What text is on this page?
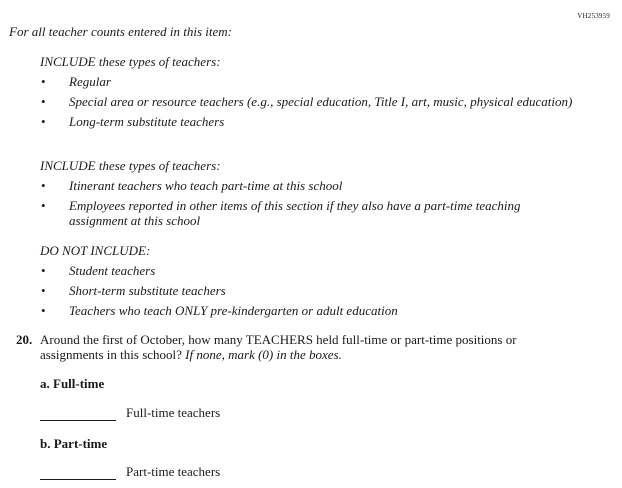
VH253959
For all teacher counts entered in this item:
INCLUDE these types of teachers:
• Regular
• Special area or resource teachers (e.g., special education, Title I, art, music, physical education)
• Long-term substitute teachers
INCLUDE these types of teachers:
• Itinerant teachers who teach part-time at this school
• Employees reported in other items of this section if they also have a part-time teaching assignment at this school
DO NOT INCLUDE:
• Student teachers
• Short-term substitute teachers
• Teachers who teach ONLY pre-kindergarten or adult education
20. Around the first of October, how many TEACHERS held full-time or part-time positions or assignments in this school? If none, mark (0) in the boxes.
a. Full-time
Full-time teachers
b. Part-time
Part-time teachers
